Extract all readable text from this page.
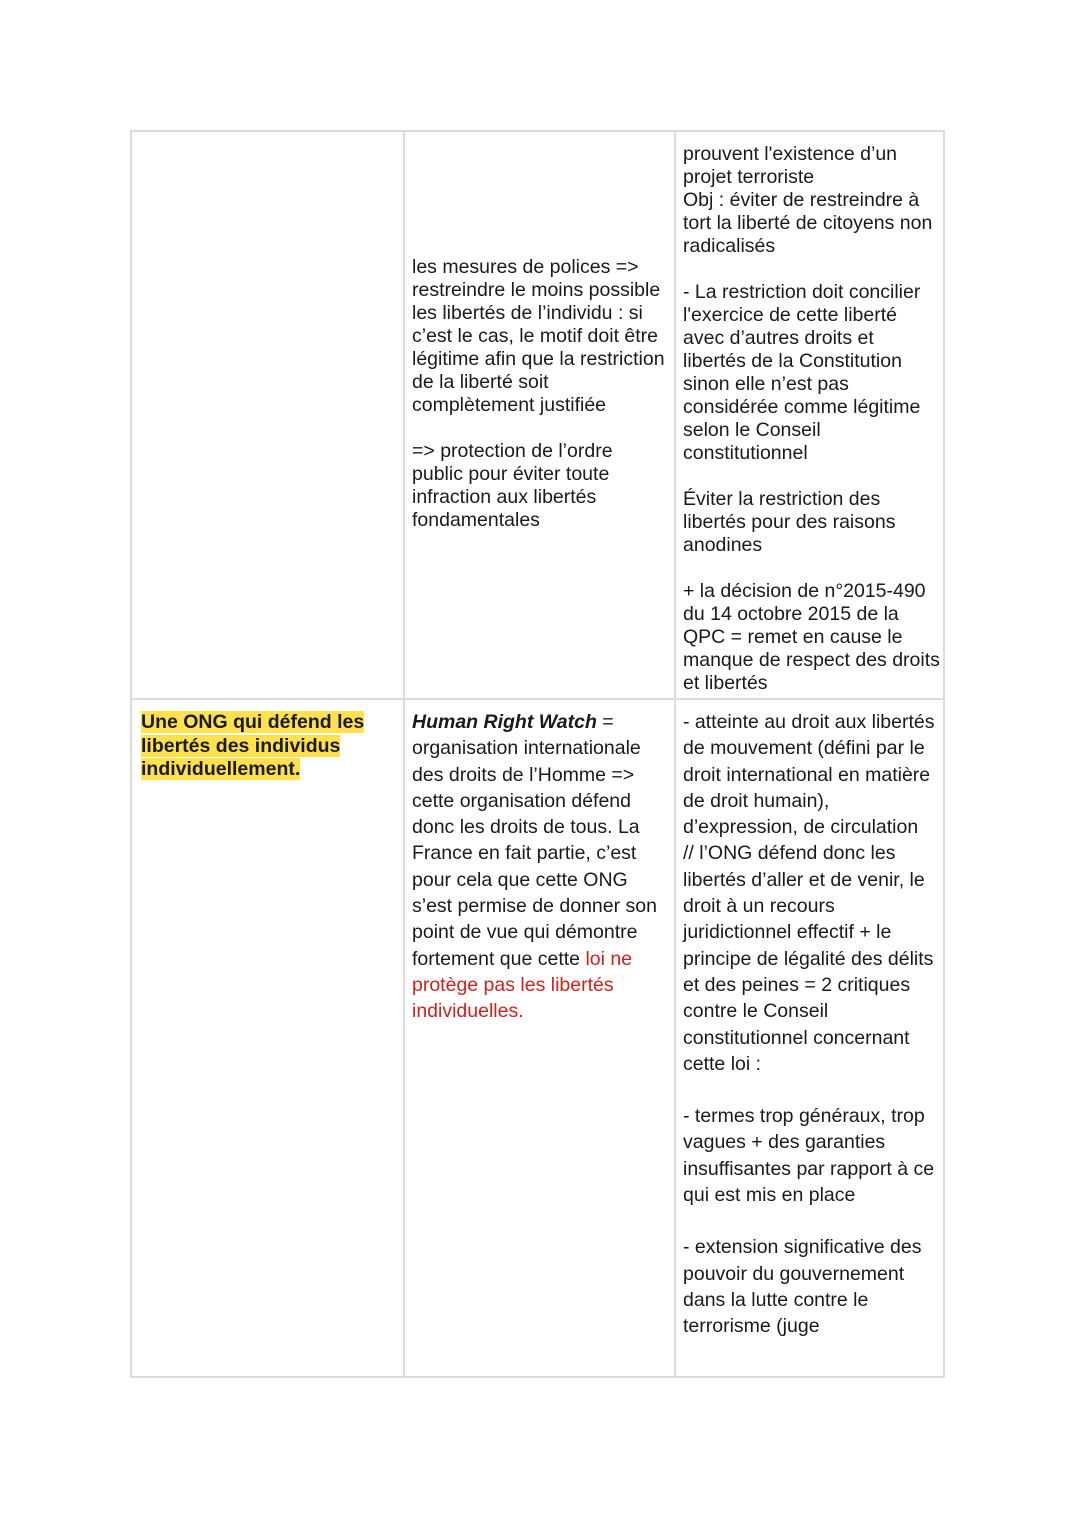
les mesures de polices => restreindre le moins possible les libertés de l’individu : si c’est le cas, le motif doit être légitime afin que la restriction de la liberté soit complètement justifiée

=> protection de l’ordre public pour éviter toute infraction aux libertés fondamentales

prouvent l'existence d’un projet terroriste

Obj : éviter de restreindre à tort la liberté de citoyens non radicalisés

- La restriction doit concilier l'exercice de cette liberté avec d’autres droits et libertés de la Constitution sinon elle n’est pas considérée comme légitime selon le Conseil constitutionnel

Éviter la restriction des libertés pour des raisons anodines

+ la décision de n°2015-490 du 14 octobre 2015 de la QPC = remet en cause le manque de respect des droits et libertés

Une ONG qui défend les libertés des individus individuellement.

Human Right Watch = organisation internationale des droits de l’Homme => cette organisation défend donc les droits de tous. La France en fait partie, c’est pour cela que cette ONG s’est permise de donner son point de vue qui démontre fortement que cette loi ne protège pas les libertés individuelles.

- atteinte au droit aux libertés de mouvement (défini par le droit international en matière de droit humain), d’expression, de circulation

// l’ONG défend donc les libertés d’aller et de venir, le droit à un recours juridictionnel effectif + le principe de légalité des délits et des peines = 2 critiques contre le Conseil constitutionnel concernant cette loi :

- termes trop généraux, trop vagues + des garanties insuffisantes par rapport à ce qui est mis en place

- extension significative des pouvoir du gouvernement dans la lutte contre le terrorisme (juge
